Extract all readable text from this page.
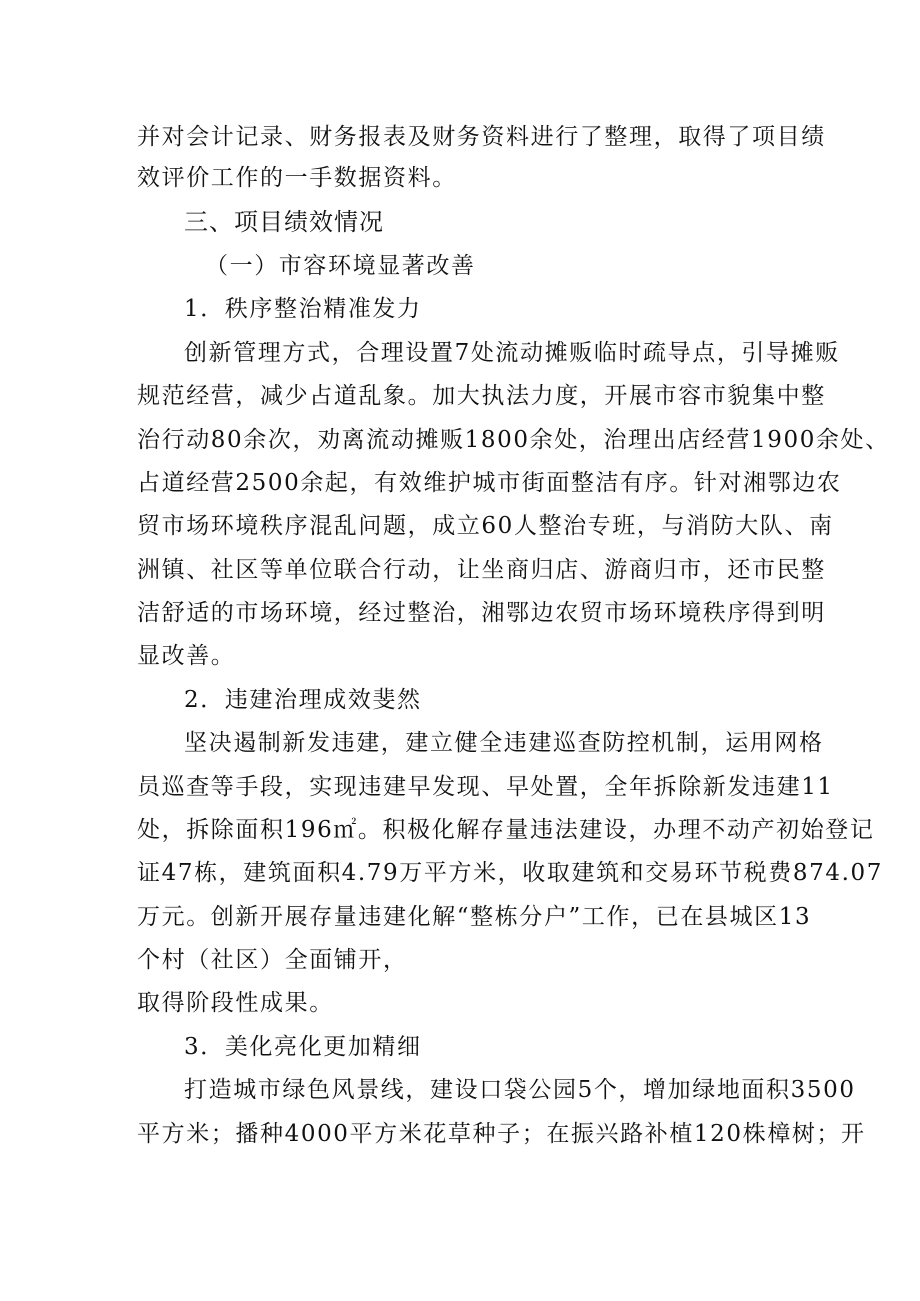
并对会计记录、财务报表及财务资料进行了整理，取得了项目绩
效评价工作的一手数据资料。
三、项目绩效情况
（一）市容环境显著改善
1．秩序整治精准发力
创新管理方式，合理设置7处流动摊贩临时疏导点，引导摊贩
规范经营，减少占道乱象。加大执法力度，开展市容市貌集中整
治行动80余次，劝离流动摊贩1800余处，治理出店经营1900余处、
占道经营2500余起，有效维护城市街面整洁有序。针对湘鄂边农
贸市场环境秩序混乱问题，成立60人整治专班，与消防大队、南
洲镇、社区等单位联合行动，让坐商归店、游商归市，还市民整
洁舒适的市场环境，经过整治，湘鄂边农贸市场环境秩序得到明
显改善。
2．违建治理成效斐然
坚决遏制新发违建，建立健全违建巡查防控机制，运用网格
员巡查等手段，实现违建早发现、早处置，全年拆除新发违建11
处，拆除面积196㎡。积极化解存量违法建设，办理不动产初始登记
证47栋，建筑面积4.79万平方米，收取建筑和交易环节税费874.07
万元。创新开展存量违建化解“整栋分户”工作，已在县城区13
个村（社区）全面铺开，
取得阶段性成果。
3．美化亮化更加精细
打造城市绿色风景线，建设口袋公园5个，增加绿地面积3500
平方米；播种4000平方米花草种子；在振兴路补植120株樟树；开
